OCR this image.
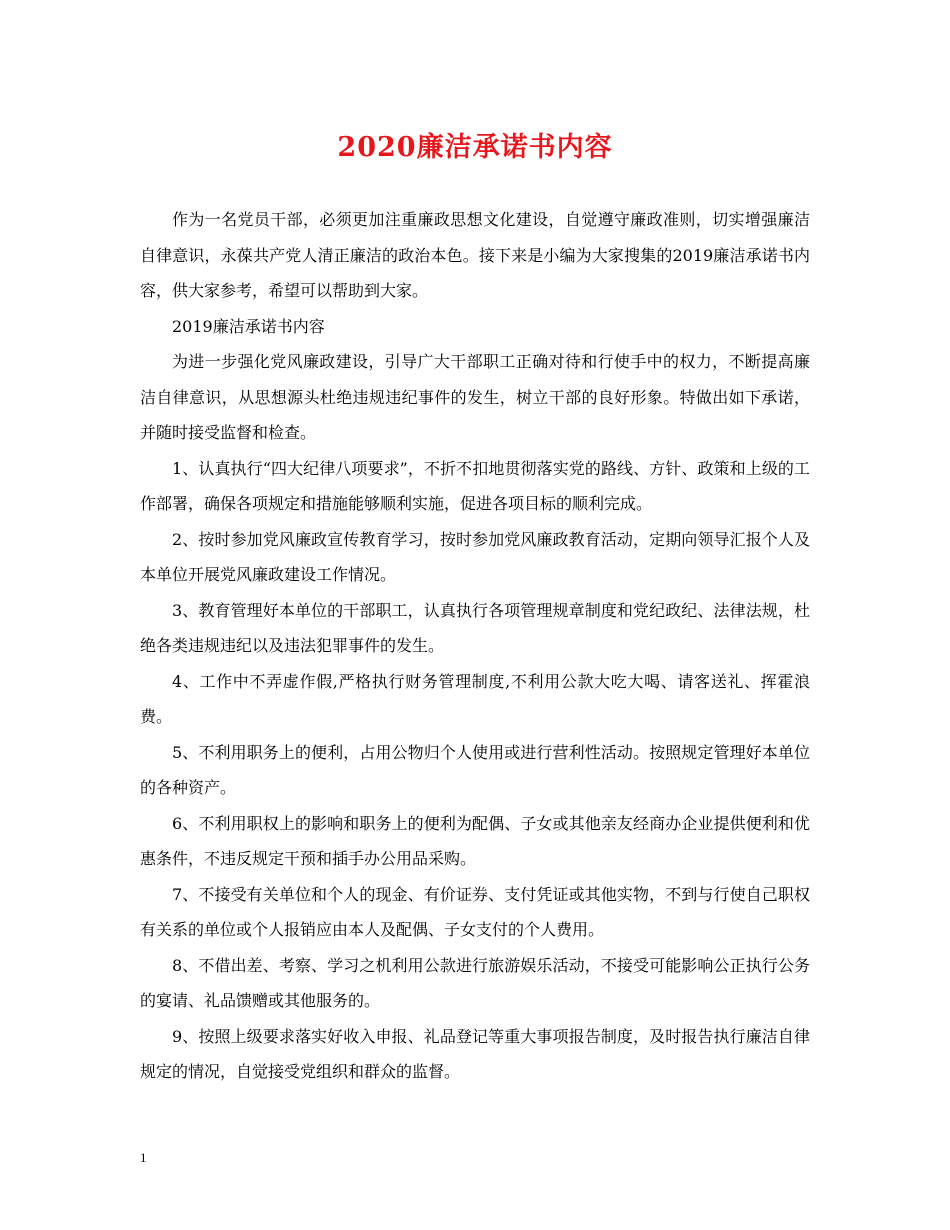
2020廉洁承诺书内容

作为一名党员干部，必须更加注重廉政思想文化建设，自觉遵守廉政准则，切实增强廉洁自律意识，永葆共产党人清正廉洁的政治本色。接下来是小编为大家搜集的2019廉洁承诺书内容，供大家参考，希望可以帮助到大家。

2019廉洁承诺书内容

为进一步强化党风廉政建设，引导广大干部职工正确对待和行使手中的权力，不断提高廉洁自律意识，从思想源头杜绝违规违纪事件的发生，树立干部的良好形象。特做出如下承诺，并随时接受监督和检查。

1、认真执行“四大纪律八项要求”，不折不扣地贯彻落实党的路线、方针、政策和上级的工作部署，确保各项规定和措施能够顺利实施，促进各项目标的顺利完成。

2、按时参加党风廉政宣传教育学习，按时参加党风廉政教育活动，定期向领导汇报个人及本单位开展党风廉政建设工作情况。

3、教育管理好本单位的干部职工，认真执行各项管理规章制度和党纪政纪、法律法规，杜绝各类违规违纪以及违法犯罪事件的发生。

4、工作中不弄虚作假,严格执行财务管理制度,不利用公款大吃大喝、请客送礼、挥霍浪费。

5、不利用职务上的便利，占用公物归个人使用或进行营利性活动。按照规定管理好本单位的各种资产。

6、不利用职权上的影响和职务上的便利为配偶、子女或其他亲友经商办企业提供便利和优惠条件，不违反规定干预和插手办公用品采购。

7、不接受有关单位和个人的现金、有价证券、支付凭证或其他实物，不到与行使自己职权有关系的单位或个人报销应由本人及配偶、子女支付的个人费用。

8、不借出差、考察、学习之机利用公款进行旅游娱乐活动，不接受可能影响公正执行公务的宴请、礼品馈赠或其他服务的。

9、按照上级要求落实好收入申报、礼品登记等重大事项报告制度，及时报告执行廉洁自律规定的情况，自觉接受党组织和群众的监督。

1
